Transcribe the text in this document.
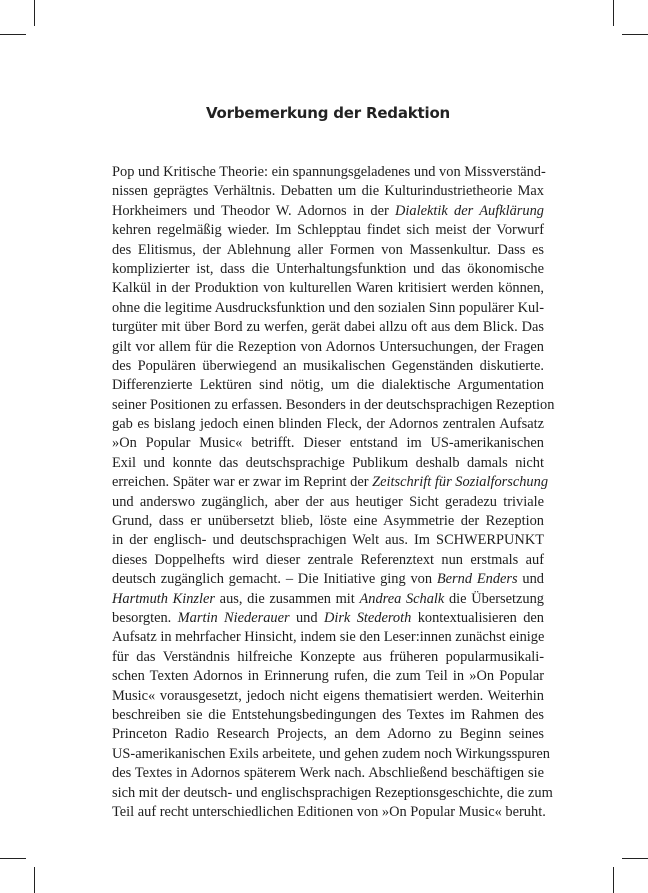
Vorbemerkung der Redaktion
Pop und Kritische Theorie: ein spannungsgeladenes und von Missverständ-
nissen geprägtes Verhältnis. Debatten um die Kulturindustrietheorie Max
Horkheimers und Theodor W. Adornos in der Dialektik der Aufklärung
kehren regelmäßig wieder. Im Schlepptau findet sich meist der Vorwurf
des Elitismus, der Ablehnung aller Formen von Massenkultur. Dass es
komplizierter ist, dass die Unterhaltungsfunktion und das ökonomische
Kalkül in der Produktion von kulturellen Waren kritisiert werden können,
ohne die legitime Ausdrucksfunktion und den sozialen Sinn populärer Kul-
turgüter mit über Bord zu werfen, gerät dabei allzu oft aus dem Blick. Das
gilt vor allem für die Rezeption von Adornos Untersuchungen, der Fragen
des Populären überwiegend an musikalischen Gegenständen diskutierte.
Differenzierte Lektüren sind nötig, um die dialektische Argumentation
seiner Positionen zu erfassen. Besonders in der deutschsprachigen Rezeption
gab es bislang jedoch einen blinden Fleck, der Adornos zentralen Aufsatz
»On Popular Music« betrifft. Dieser entstand im US-amerikanischen
Exil und konnte das deutschsprachige Publikum deshalb damals nicht
erreichen. Später war er zwar im Reprint der Zeitschrift für Sozialforschung
und anderswo zugänglich, aber der aus heutiger Sicht geradezu triviale
Grund, dass er unübersetzt blieb, löste eine Asymmetrie der Rezeption
in der englisch- und deutschsprachigen Welt aus. Im SCHWERPUNKT
dieses Doppelhefts wird dieser zentrale Referenztext nun erstmals auf
deutsch zugänglich gemacht. – Die Initiative ging von Bernd Enders und
Hartmuth Kinzler aus, die zusammen mit Andrea Schalk die Übersetzung
besorgten. Martin Niederauer und Dirk Stederoth kontextualisieren den
Aufsatz in mehrfacher Hinsicht, indem sie den Leser:innen zunächst einige
für das Verständnis hilfreiche Konzepte aus früheren popularmusikali-
schen Texten Adornos in Erinnerung rufen, die zum Teil in »On Popular
Music« vorausgesetzt, jedoch nicht eigens thematisiert werden. Weiterhin
beschreiben sie die Entstehungsbedingungen des Textes im Rahmen des
Princeton Radio Research Projects, an dem Adorno zu Beginn seines
US-amerikanischen Exils arbeitete, und gehen zudem noch Wirkungsspuren
des Textes in Adornos späterem Werk nach. Abschließend beschäftigen sie
sich mit der deutsch- und englischsprachigen Rezeptionsgeschichte, die zum
Teil auf recht unterschiedlichen Editionen von »On Popular Music« beruht.
